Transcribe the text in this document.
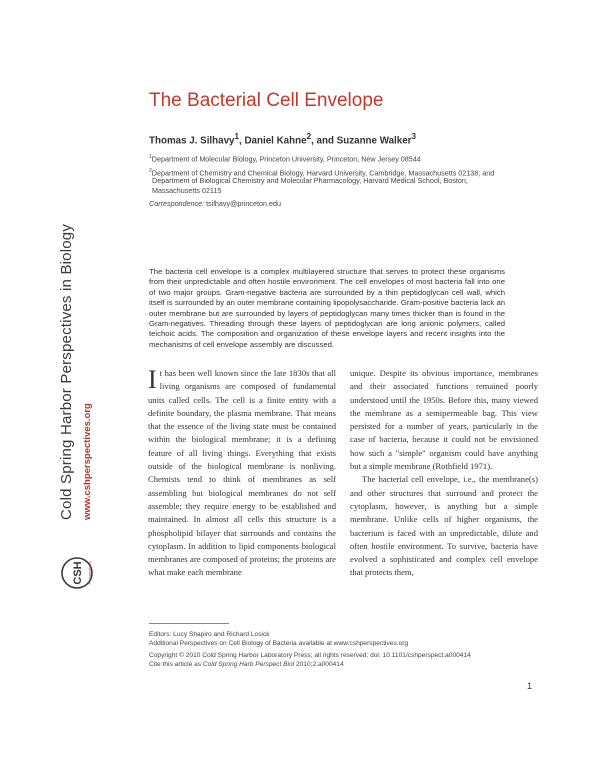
CSH Perspectives
Cold Spring Harbor Perspectives in Biology www.cshperspectives.org
The Bacterial Cell Envelope
Thomas J. Silhavy$^1$, Daniel Kahne$^2$, and Suzanne Walker$^3$
$^1$Department of Molecular Biology, Princeton University, Princeton, New Jersey 08544
$^2$Department of Chemistry and Chemical Biology, Harvard University, Cambridge, Massachusetts 02138; and
Department of Biological Chemistry and Molecular Pharmacology, Harvard Medical School, Boston,
Massachusetts 02115
Correspondence: tsilhavy@princeton.edu
The bacteria cell envelope is a complex multilayered structure that serves to protect these organisms from their unpredictable and often hostile environment. The cell envelopes of most bacteria fall into one of two major groups. Gram-negative bacteria are surrounded by a thin peptidoglycan cell wall, which itself is surrounded by an outer membrane containing lipopolysaccharide. Gram-positive bacteria lack an outer membrane but are surrounded by layers of peptidoglycan many times thicker than is found in the Gram-negatives. Threading through these layers of peptidoglycan are long anionic polymers, called teichoic acids. The composition and organization of these envelope layers and recent insights into the mechanisms of cell envelope assembly are discussed.
It has been well known since the late 1830s that all living organisms are composed of fundamental units called cells. The cell is a finite entity with a definite boundary, the plasma membrane. That means that the essence of the living state must be contained within the biological membrane; it is a defining feature of all living things. Everything that exists outside of the biological membrane is nonliving. Chemists tend to think of membranes as self assembling but biological membranes do not self assemble; they require energy to be established and maintained. In almost all cells this structure is a phospholipid bilayer that surrounds and contains the cytoplasm. In addition to lipid components biological membranes are composed of proteins; the proteins are what make each membrane
unique. Despite its obvious importance, membranes and their associated functions remained poorly understood until the 1950s. Before this, many viewed the membrane as a semipermeable bag. This view persisted for a number of years, particularly in the case of bacteria, because it could not be envisioned how such a "simple" organism could have anything but a simple membrane (Rothfield 1971).
The bacterial cell envelope, i.e., the membrane(s) and other structures that surround and protect the cytoplasm, however, is anything but a simple membrane. Unlike cells of higher organisms, the bacterium is faced with an unpredictable, dilute and often hostile environment. To survive, bacteria have evolved a sophisticated and complex cell envelope that protects them,
Editors: Lucy Shapiro and Richard Losick
Additional Perspectives on Cell Biology of Bacteria available at www.cshperspectives.org
Copyright © 2010 Cold Spring Harbor Laboratory Press; all rights reserved; doi: 10.1101/cshperspect.a000414
Cite this article as Cold Spring Harb Perspect Biol 2010;2:a000414
1
